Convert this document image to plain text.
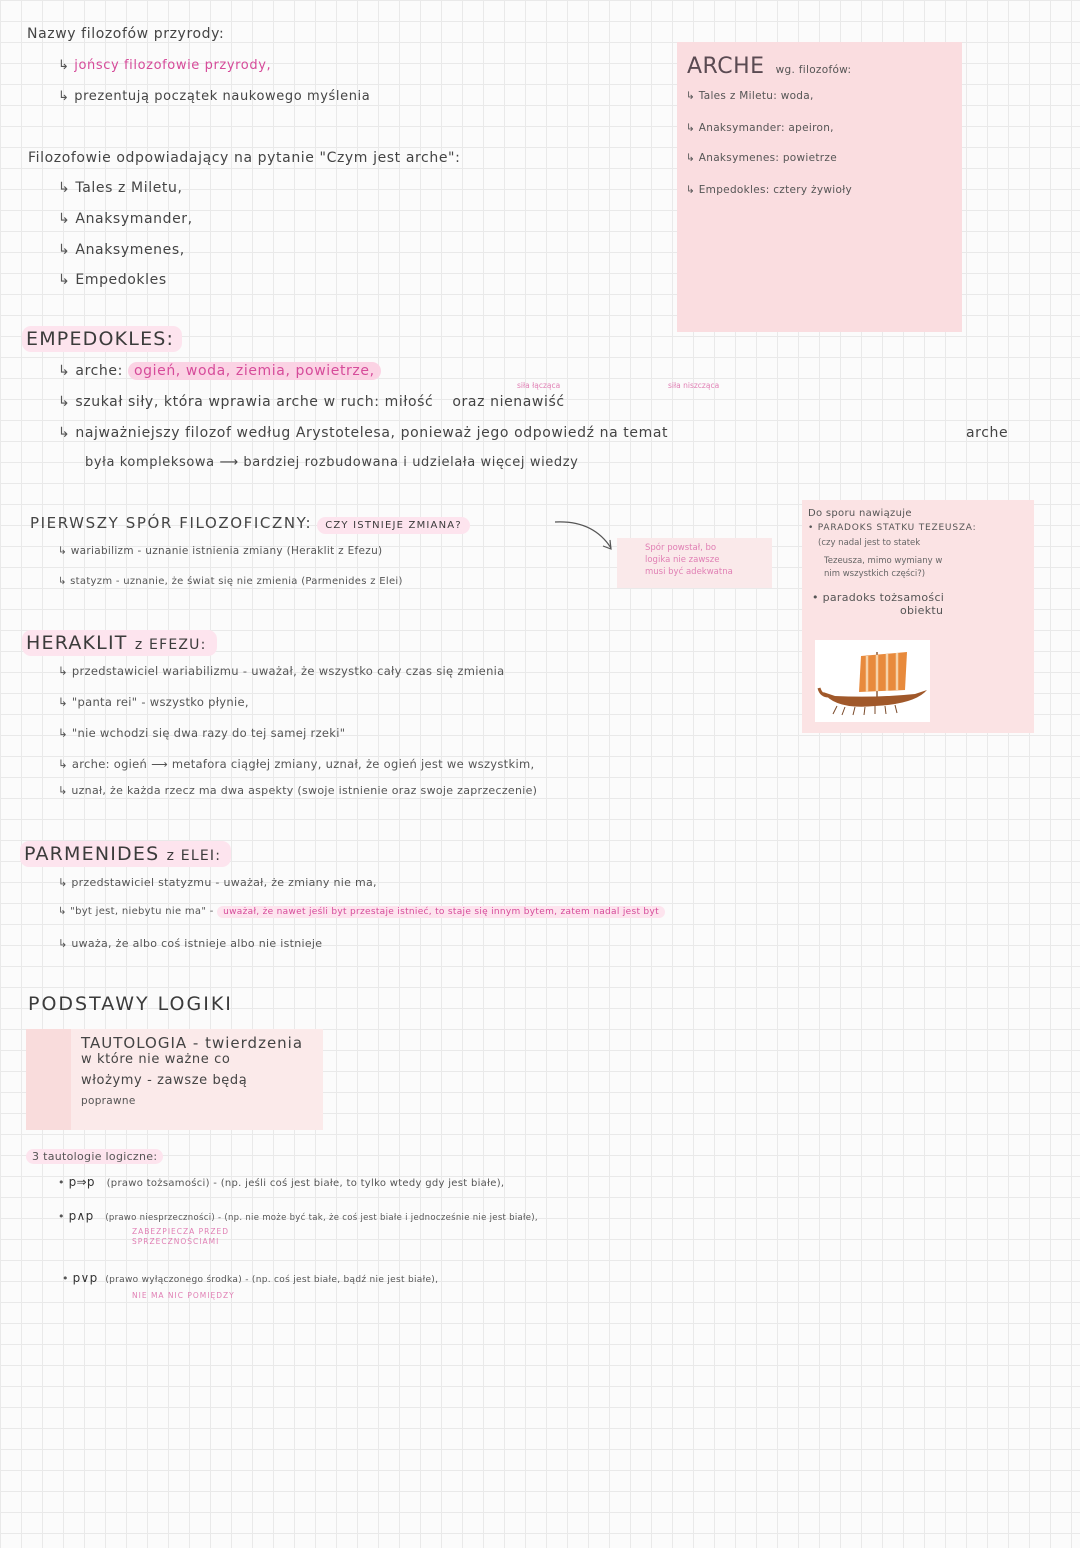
Nazwy filozofów przyrody:
↳ jońscy filozofowie przyrody,
↳ prezentują początek naukowego myślenia
Filozofowie odpowiadający na pytanie "Czym jest arche":
↳ Tales z Miletu,
↳ Anaksymander,
↳ Anaksymenes,
↳ Empedokles
ARCHE wg. filozofów:
↳ Tales z Miletu: woda,
↳ Anaksymander: apeiron,
↳ Anaksymenes: powietrze
↳ Empedokles: cztery żywioły
EMPEDOKLES:
↳ arche: ogień, woda, ziemia, powietrze,
siła łącząca	siła niszcząca
↳ szukał siły, która wprawia arche w ruch: miłość oraz nienawiść
↳ najważniejszy filozof według Arystotelesa, ponieważ jego odpowiedź na temat	arche
była kompleksowa ⟶ bardziej rozbudowana i udzielała więcej wiedzy
PIERWSZY SPÓR FILOZOFICZNY: CZY ISTNIEJE ZMIANA?
↳ wariabilizm - uznanie istnienia zmiany (Heraklit z Efezu)
↳ statyzm - uznanie, że świat się nie zmienia (Parmenides z Elei)
Spór powstał, bo
logika nie zawsze
musi być adekwatna
Do sporu nawiązuje
• PARADOKS STATKU TEZEUSZA:
(czy nadal jest to statek
Tezeusza, mimo wymiany w
nim wszystkich części?)
• paradoks tożsamości
obiektu
HERAKLIT z EFEZU:
↳ przedstawiciel wariabilizmu - uważał, że wszystko cały czas się zmienia
↳ "panta rei" - wszystko płynie,
↳ "nie wchodzi się dwa razy do tej samej rzeki"
↳ arche: ogień ⟶ metafora ciągłej zmiany, uznał, że ogień jest we wszystkim,
↳ uznał, że każda rzecz ma dwa aspekty (swoje istnienie oraz swoje zaprzeczenie)
PARMENIDES z ELEI:
↳ przedstawiciel statyzmu - uważał, że zmiany nie ma,
↳ "byt jest, niebytu nie ma" - uważał, że nawet jeśli byt przestaje istnieć, to staje się innym bytem, zatem nadal jest byt
↳ uważa, że albo coś istnieje albo nie istnieje
PODSTAWY LOGIKI
TAUTOLOGIA - twierdzenia
w które nie ważne co
włożymy - zawsze będą
poprawne
3 tautologie logiczne:
• p⇒p (prawo tożsamości) - (np. jeśli coś jest białe, to tylko wtedy gdy jest białe),
• p∧p (prawo niesprzeczności) - (np. nie może być tak, że coś jest białe i jednocześnie nie jest białe),
ZABEZPIECZA PRZED SPRZECZNOŚCIAMI
• p∨p (prawo wyłączonego środka) - (np. coś jest białe, bądź nie jest białe),
NIE MA NIC POMIĘDZY
